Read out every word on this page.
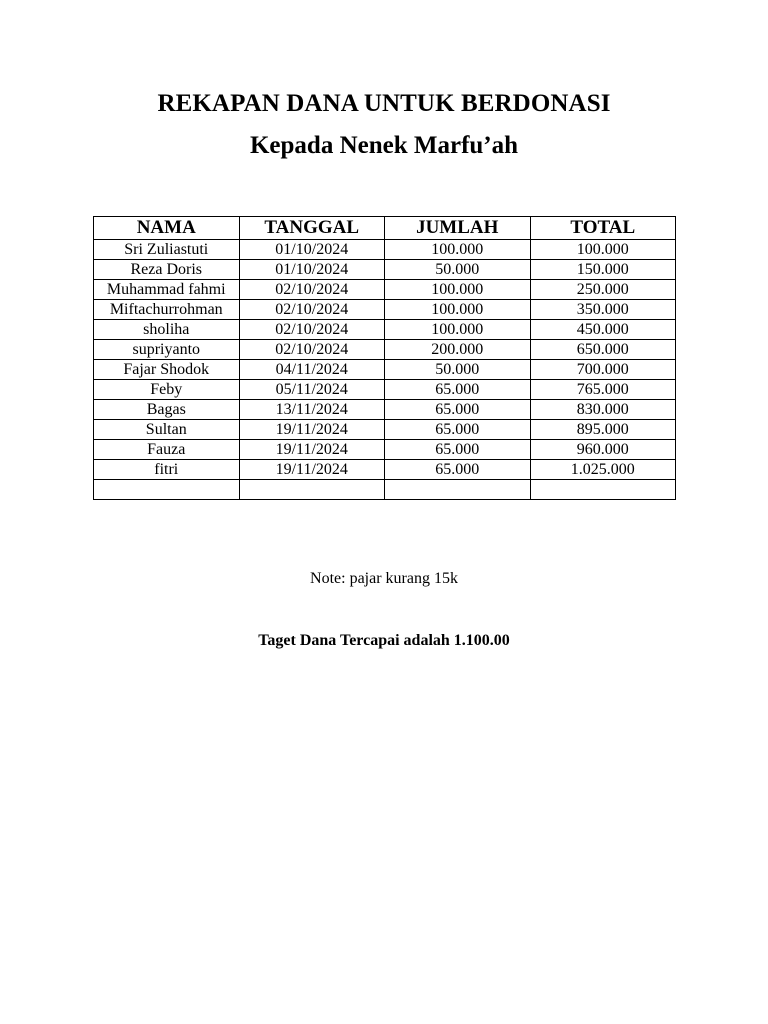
REKAPAN DANA UNTUK BERDONASI
Kepada Nenek Marfu’ah
NAMA	TANGGAL	JUMLAH	TOTAL
Sri Zuliastuti	01/10/2024	100.000	100.000
Reza Doris	01/10/2024	50.000	150.000
Muhammad fahmi	02/10/2024	100.000	250.000
Miftachurrohman	02/10/2024	100.000	350.000
sholiha	02/10/2024	100.000	450.000
supriyanto	02/10/2024	200.000	650.000
Fajar Shodok	04/11/2024	50.000	700.000
Feby	05/11/2024	65.000	765.000
Bagas	13/11/2024	65.000	830.000
Sultan	19/11/2024	65.000	895.000
Fauza	19/11/2024	65.000	960.000
fitri	19/11/2024	65.000	1.025.000

Note: pajar kurang 15k

Taget Dana Tercapai adalah 1.100.00
